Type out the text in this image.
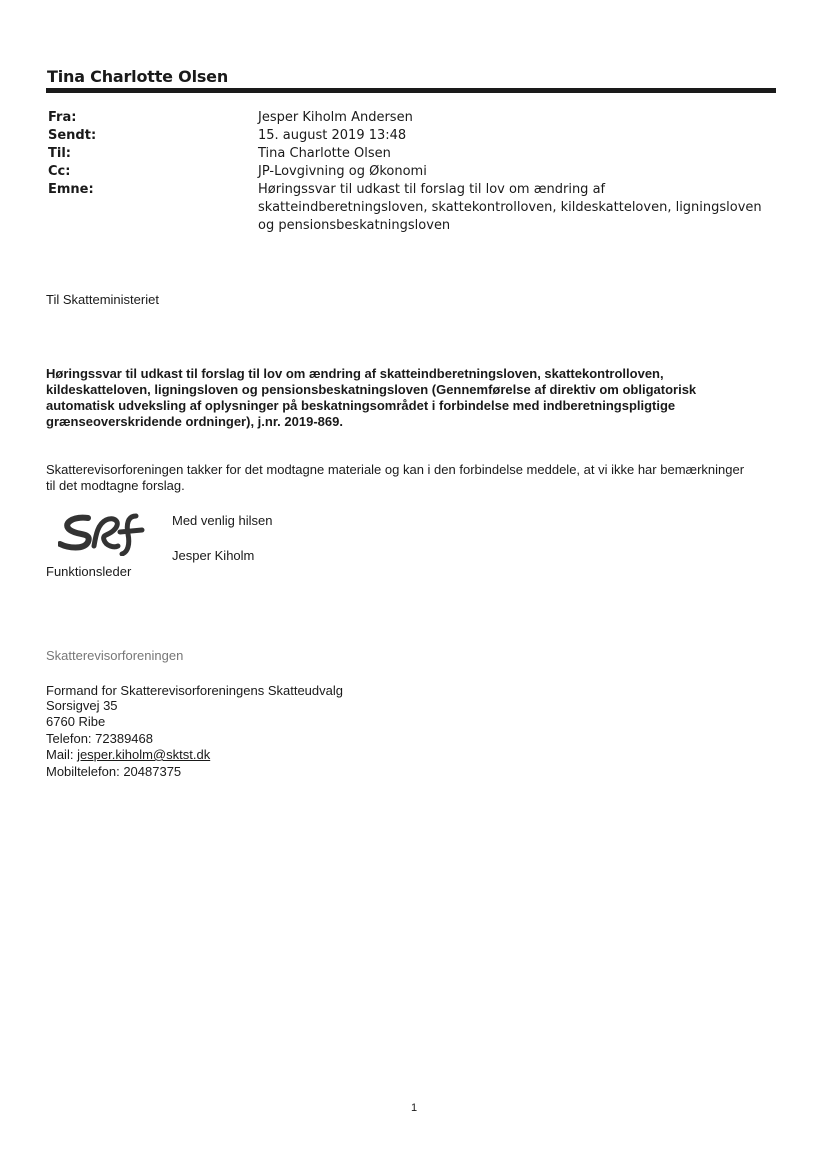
Tina Charlotte Olsen
Fra:	Jesper Kiholm Andersen
Sendt:	15. august 2019 13:48
Til:	Tina Charlotte Olsen
Cc:	JP-Lovgivning og Økonomi
Emne:	Høringssvar til udkast til forslag til lov om ændring af skatteindberetningsloven, skattekontrolloven, kildeskatteloven, ligningsloven og pensionsbeskatningsloven
Til Skatteministeriet
Høringssvar til udkast til forslag til lov om ændring af skatteindberetningsloven, skattekontrolloven, kildeskatteloven, ligningsloven og pensionsbeskatningsloven (Gennemførelse af direktiv om obligatorisk automatisk udveksling af oplysninger på beskatningsområdet i forbindelse med indberetningspligtige grænseoverskridende ordninger), j.nr. 2019-869.
Skatterevisorforeningen takker for det modtagne materiale og kan i den forbindelse meddele, at vi ikke har bemærkninger til det modtagne forslag.
Med venlig hilsen
Jesper Kiholm
Funktionsleder
Skatterevisorforeningen
Formand for Skatterevisorforeningens Skatteudvalg
Sorsigvej 35
6760 Ribe
Telefon: 72389468
Mail: jesper.kiholm@sktst.dk
Mobiltelefon: 20487375
1
